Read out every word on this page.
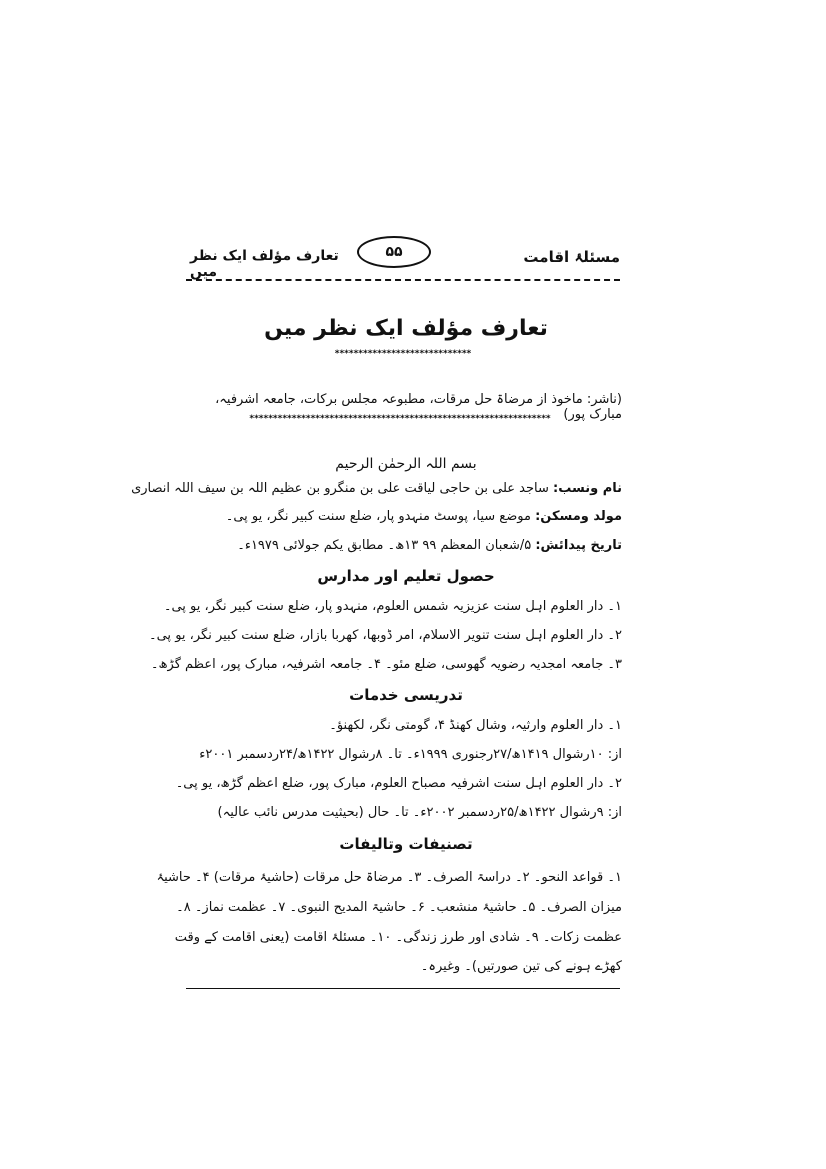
مسئلۂ اقامت
۵۵
تعارف مؤلف ایک نظر میں
تعارف مؤلف ایک نظر میں
*****************************
(ناشر: ماخوذ از مرضاۃ حل مرقات، مطبوعہ مجلس برکات، جامعہ اشرفیہ، مبارک پور)
****************************************************************
بسم اللہ الرحمٰن الرحیم
نام ونسب: ساجد علی بن حاجی لیاقت علی بن منگرو بن عظیم اللہ بن سیف اللہ انصاری
مولد ومسکن: موضع سیا، پوسٹ منہدو پار، ضلع سنت کبیر نگر، یو پی۔
تاریخ پیدائش: ۵/شعبان المعظم ۹۹ ۱۳ھ۔ مطابق یکم جولائی ۱۹۷۹ء۔
حصول تعلیم اور مدارس
۱۔ دار العلوم اہل سنت عزیزیہ شمس العلوم، منہدو پار، ضلع سنت کبیر نگر، یو پی۔
۲۔ دار العلوم اہل سنت تنویر الاسلام، امر ڈوبھا، کھربا بازار، ضلع سنت کبیر نگر، یو پی۔
۳۔ جامعہ امجدیہ رضویہ گھوسی، ضلع مئو۔ ۴۔ جامعہ اشرفیہ، مبارک پور، اعظم گڑھ۔
تدریسی خدمات
۱۔ دار العلوم وارثیہ، وشال کھنڈ ۴، گومتی نگر، لکھنؤ۔
از: ۱۰رشوال ۱۴۱۹ھ/۲۷رجنوری ۱۹۹۹ء۔ تا۔ ۸رشوال ۱۴۲۲ھ/۲۴ردسمبر ۲۰۰۱ء
۲۔ دار العلوم اہل سنت اشرفیہ مصباح العلوم، مبارک پور، ضلع اعظم گڑھ، یو پی۔
از: ۹رشوال ۱۴۲۲ھ/۲۵ردسمبر ۲۰۰۲ء۔ تا۔ حال (بحیثیت مدرس نائب عالیہ)
تصنیفات وتالیفات
۱۔ قواعد النحو۔ ۲۔ دراسۃ الصرف۔ ۳۔ مرضاۃ حل مرقات (حاشیۂ مرقات) ۴۔ حاشیۂ
میزان الصرف۔ ۵۔ حاشیۂ منشعب۔ ۶۔ حاشیۃ المدیح النبوی۔ ۷۔ عظمت نماز۔ ۸۔
عظمت زکات۔ ۹۔ شادی اور طرز زندگی۔ ۱۰۔ مسئلۂ اقامت (یعنی اقامت کے وقت
کھڑے ہونے کی تین صورتیں)۔ وغیرہ۔
